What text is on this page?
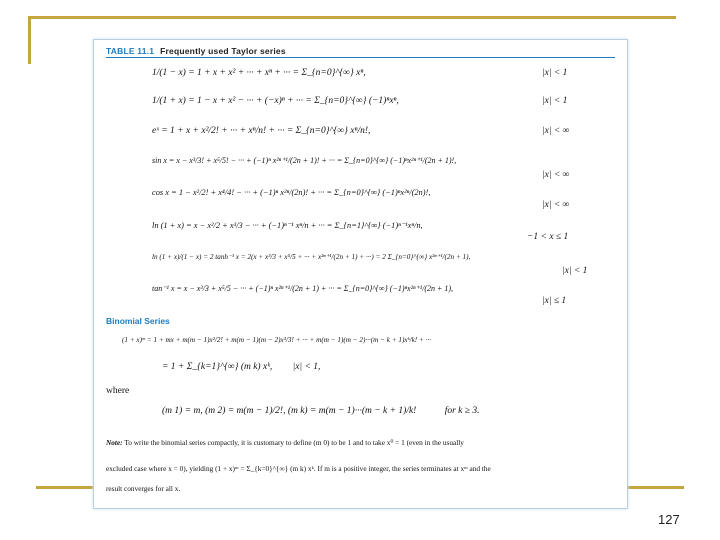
TABLE 11.1 Frequently used Taylor series
1/(1 − x) = 1 + x + x² + ··· + xⁿ + ··· = Σ_{n=0}^{∞} xⁿ,	|x| < 1
1/(1 + x) = 1 − x + x² − ··· + (−x)ⁿ + ··· = Σ_{n=0}^{∞} (−1)ⁿxⁿ,	|x| < 1
eˣ = 1 + x + x²/2! + ··· + xⁿ/n! + ··· = Σ_{n=0}^{∞} xⁿ/n!,	|x| < ∞
sin x = x − x³/3! + x⁵/5! − ··· + (−1)ⁿ x²ⁿ⁺¹/(2n + 1)! + ··· = Σ_{n=0}^{∞} (−1)ⁿx²ⁿ⁺¹/(2n + 1)!,
|x| < ∞
cos x = 1 − x²/2! + x⁴/4! − ··· + (−1)ⁿ x²ⁿ/(2n)! + ··· = Σ_{n=0}^{∞} (−1)ⁿx²ⁿ/(2n)!,
|x| < ∞
ln (1 + x) = x − x²/2 + x³/3 − ··· + (−1)ⁿ⁻¹ xⁿ/n + ··· = Σ_{n=1}^{∞} (−1)ⁿ⁻¹xⁿ/n,
−1 < x ≤ 1
ln (1 + x)/(1 − x) = 2 tanh⁻¹ x = 2(x + x³/3 + x⁵/5 + ··· + x²ⁿ⁺¹/(2n + 1) + ···) = 2 Σ_{n=0}^{∞} x²ⁿ⁺¹/(2n + 1),
|x| < 1
tan⁻¹ x = x − x³/3 + x⁵/5 − ··· + (−1)ⁿ x²ⁿ⁺¹/(2n + 1) + ··· = Σ_{n=0}^{∞} (−1)ⁿx²ⁿ⁺¹/(2n + 1),
|x| ≤ 1
Binomial Series
(1 + x)ᵐ = 1 + mx + m(m − 1)x²/2! + m(m − 1)(m − 2)x³/3! + ··· + m(m − 1)(m − 2)···(m − k + 1)xᵏ/k! + ···
= 1 + Σ_{k=1}^{∞} (m k) xᵏ, |x| < 1,
where
(m 1) = m, (m 2) = m(m − 1)/2!, (m k) = m(m − 1)···(m − k + 1)/k!	for k ≥ 3.
Note: To write the binomial series compactly, it is customary to define (m 0) to be 1 and to take x⁰ = 1 (even in the usually
excluded case where x = 0), yielding (1 + x)ᵐ = Σ_{k=0}^{∞} (m k) xᵏ. If m is a positive integer, the series terminates at xᵐ and the
result converges for all x.
127
